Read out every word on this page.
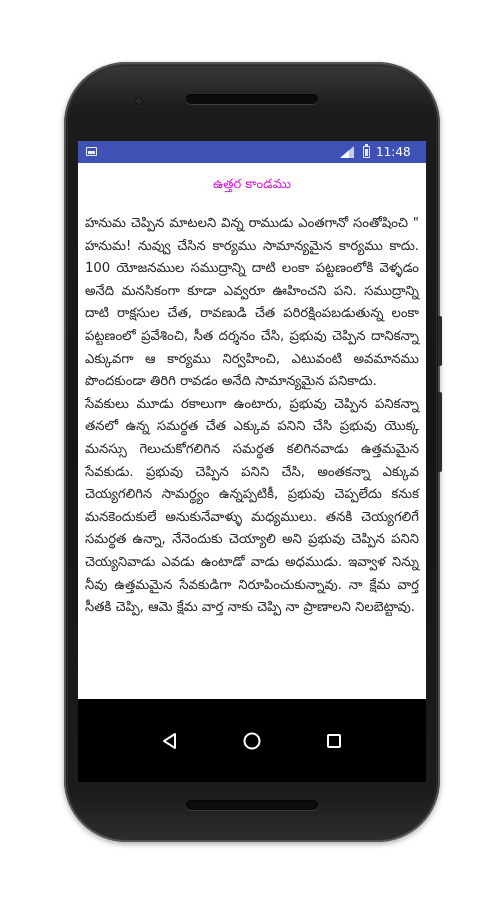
11:48
ఉత్తర కాండము

హనుమ చెప్పిన మాటలని విన్న రాముడు ఎంతగానో సంతోషించి " హనుమ! నువ్వు చేసిన కార్యము సామాన్యమైన కార్యము కాదు. 100 యోజనముల సముద్రాన్ని దాటి లంకా పట్టణంలోకి వెళ్ళడం అనేది మనసికంగా కూడా ఎవ్వరూ ఊహించని పని. సముద్రాన్ని దాటి రాక్షసుల చేత, రావణుడి చేత పరిరక్షింపబడుతున్న లంకా పట్టణంలో ప్రవేశించి, సీత దర్శనం చేసి, ప్రభువు చెప్పిన దానికన్నా ఎక్కువగా ఆ కార్యము నిర్వహించి, ఎటువంటి అవమానము పొందకుండా తిరిగి రావడం అనేది సామాన్యమైన పనికాదు.

సేవకులు మూడు రకాలుగా ఉంటారు, ప్రభువు చెప్పిన పనికన్నా తనలో ఉన్న సమర్థత చేత ఎక్కువ పనిని చేసి ప్రభువు యొక్క మనస్సు గెలుచుకోగలిగిన సమర్థత కలిగినవాడు ఉత్తమమైన సేవకుడు. ప్రభువు చెప్పిన పనిని చేసి, అంతకన్నా ఎక్కువ చెయ్యగలిగిన సామర్థ్యం ఉన్నప్పటికీ, ప్రభువు చెప్పలేదు కనుక మనకెందుకులే అనుకునేవాళ్ళు మధ్యములు. తనకి చెయ్యగలిగే సమర్థత ఉన్నా, నేనెందుకు చెయ్యాలి అని ప్రభువు చెప్పిన పనిని చెయ్యనివాడు ఎవడు ఉంటాడో వాడు అధముడు. ఇవ్వాళ నిన్ను నీవు ఉత్తమమైన సేవకుడిగా నిరూపించుకున్నావు. నా క్షేమ వార్త సీతకి చెప్పి, ఆమె క్షేమ వార్త నాకు చెప్పి నా ప్రాణాలని నిలబెట్టావు.
